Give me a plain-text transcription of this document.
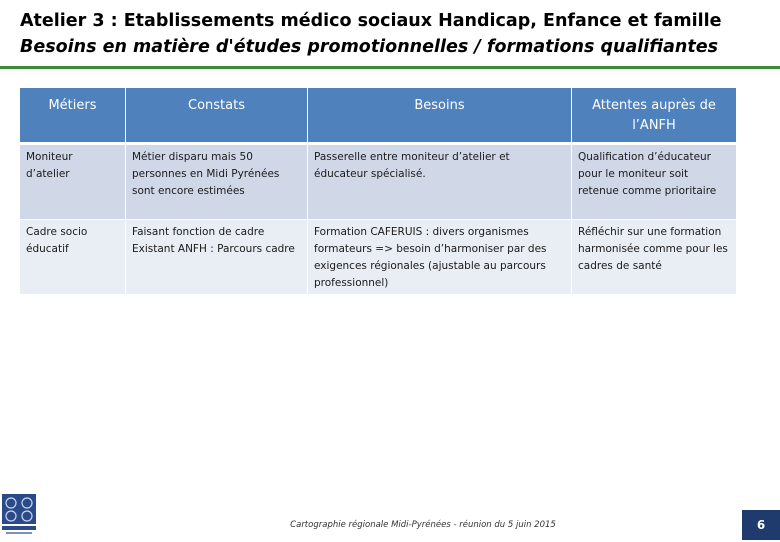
Atelier 3 : Etablissements médico sociaux Handicap, Enfance et famille
Besoins en matière d'études promotionnelles / formations qualifiantes
Métiers	Constats	Besoins	Attentes auprès de l’ANFH
Moniteur d’atelier	Métier disparu mais 50 personnes en Midi Pyrénées sont encore estimées	Passerelle entre moniteur d’atelier et éducateur spécialisé.	Qualification d’éducateur pour le moniteur soit retenue comme prioritaire
Cadre socio éducatif	Faisant fonction de cadre Existant ANFH : Parcours cadre	Formation CAFERUIS : divers organismes formateurs => besoin d’harmoniser par des exigences régionales (ajustable au parcours professionnel)	Réfléchir sur une formation harmonisée comme pour les cadres de santé
Cartographie régionale Midi-Pyrénées - réunion du 5 juin 2015	6
